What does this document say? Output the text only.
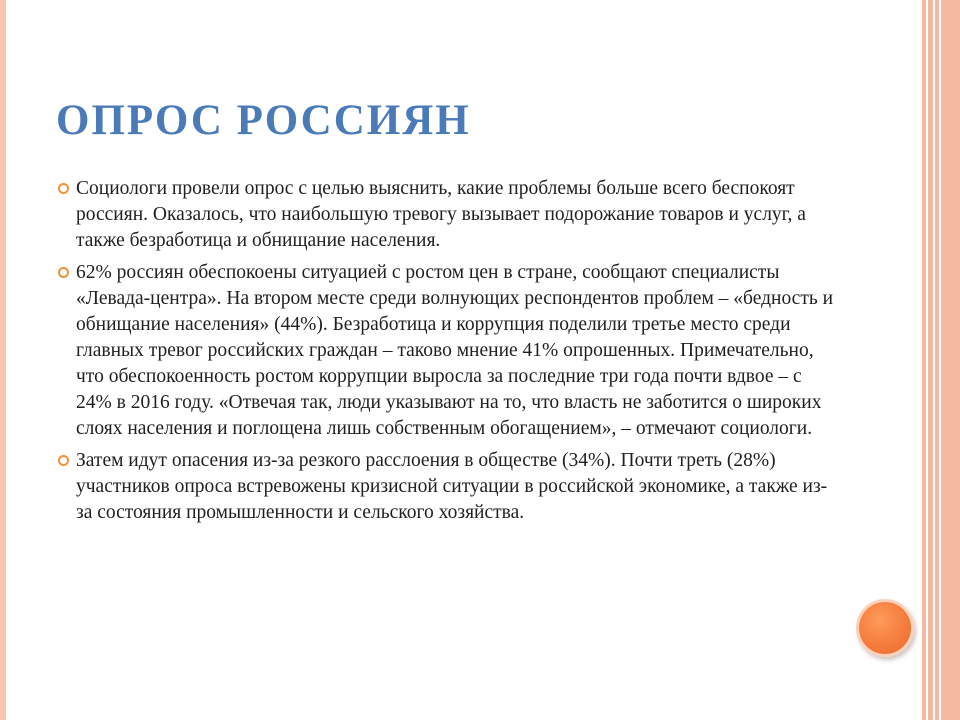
ОПРОС РОССИЯН
Социологи провели опрос с целью выяснить, какие проблемы больше всего беспокоят россиян. Оказалось, что наибольшую тревогу вызывает подорожание товаров и услуг, а также безработица и обнищание населения.
62% россиян обеспокоены ситуацией с ростом цен в стране, сообщают специалисты «Левада-центра». На втором месте среди волнующих респондентов проблем – «бедность и обнищание населения» (44%). Безработица и коррупция поделили третье место среди главных тревог российских граждан – таково мнение 41% опрошенных. Примечательно, что обеспокоенность ростом коррупции выросла за последние три года почти вдвое – с 24% в 2016 году. «Отвечая так, люди указывают на то, что власть не заботится о широких слоях населения и поглощена лишь собственным обогащением», – отмечают социологи.
Затем идут опасения из-за резкого расслоения в обществе (34%). Почти треть (28%) участников опроса встревожены кризисной ситуации в российской экономике, а также из-за состояния промышленности и сельского хозяйства.
